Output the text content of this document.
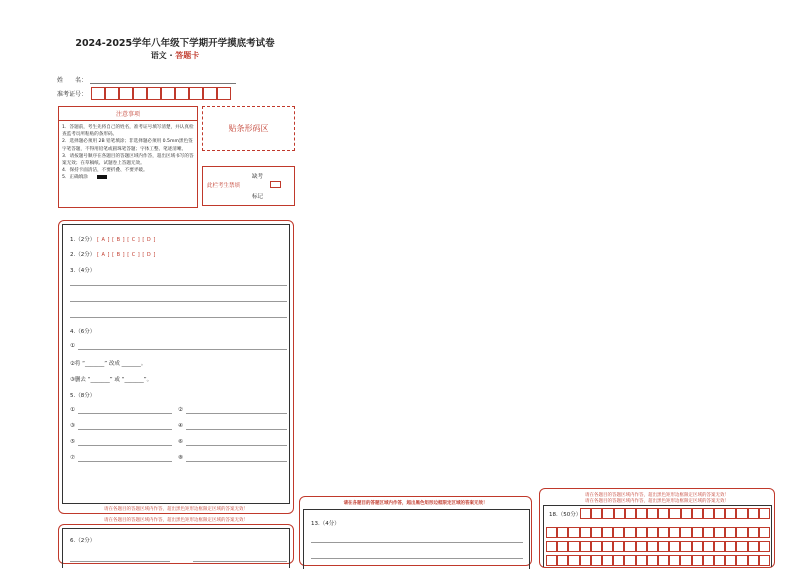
2024-2025学年八年级下学期开学摸底考试卷
语文 · 答题卡
姓　　名：
准考证号：
注意事项

1．答题前，考生先将自己的姓名，准考证号填写清楚，并认真检查监考员所粘贴的条形码。

2．选择题必须用 2B 铅笔填涂；非选择题必须用 0.5mm黑色签字笔答题，不得用铅笔或圆珠笔答题；字体工整、笔迹清晰。

3．请按题号顺序在各题目的答题区域内作答，超出区域书写的答案无效；在草稿纸、试题卷上答题无效。

4．保持卡面清洁，不要折叠、不要弄破。

5．正确填涂

贴条形码区
此栏考生禁填
缺考
标记
1.（2分） [ A ] [ B ] [ C ] [ D ]
2.（2分） [ A ] [ B ] [ C ] [ D ]
3.（4分）
4.（6分）
①
②将 “_______” 改成 _______。
③删去 “_______” 或 “_______”。
5.（8分）
①	②
③	④
⑤	⑥
⑦	⑧
请在各题目的答题区域内作答，超出黑色矩形边框限定区域的答案无效！
请在各题目的答题区域内作答，超出黑色矩形边框限定区域的答案无效！
6.（2分）
请在各题目的答题区域内作答，超出黑色矩形边框限定区域的答案无效！
13.（4分）
请在各题目的答题区域内作答，超出黑色矩形边框限定区域的答案无效！
请在各题目的答题区域内作答，超出黑色矩形边框限定区域的答案无效！
18.（50分）
